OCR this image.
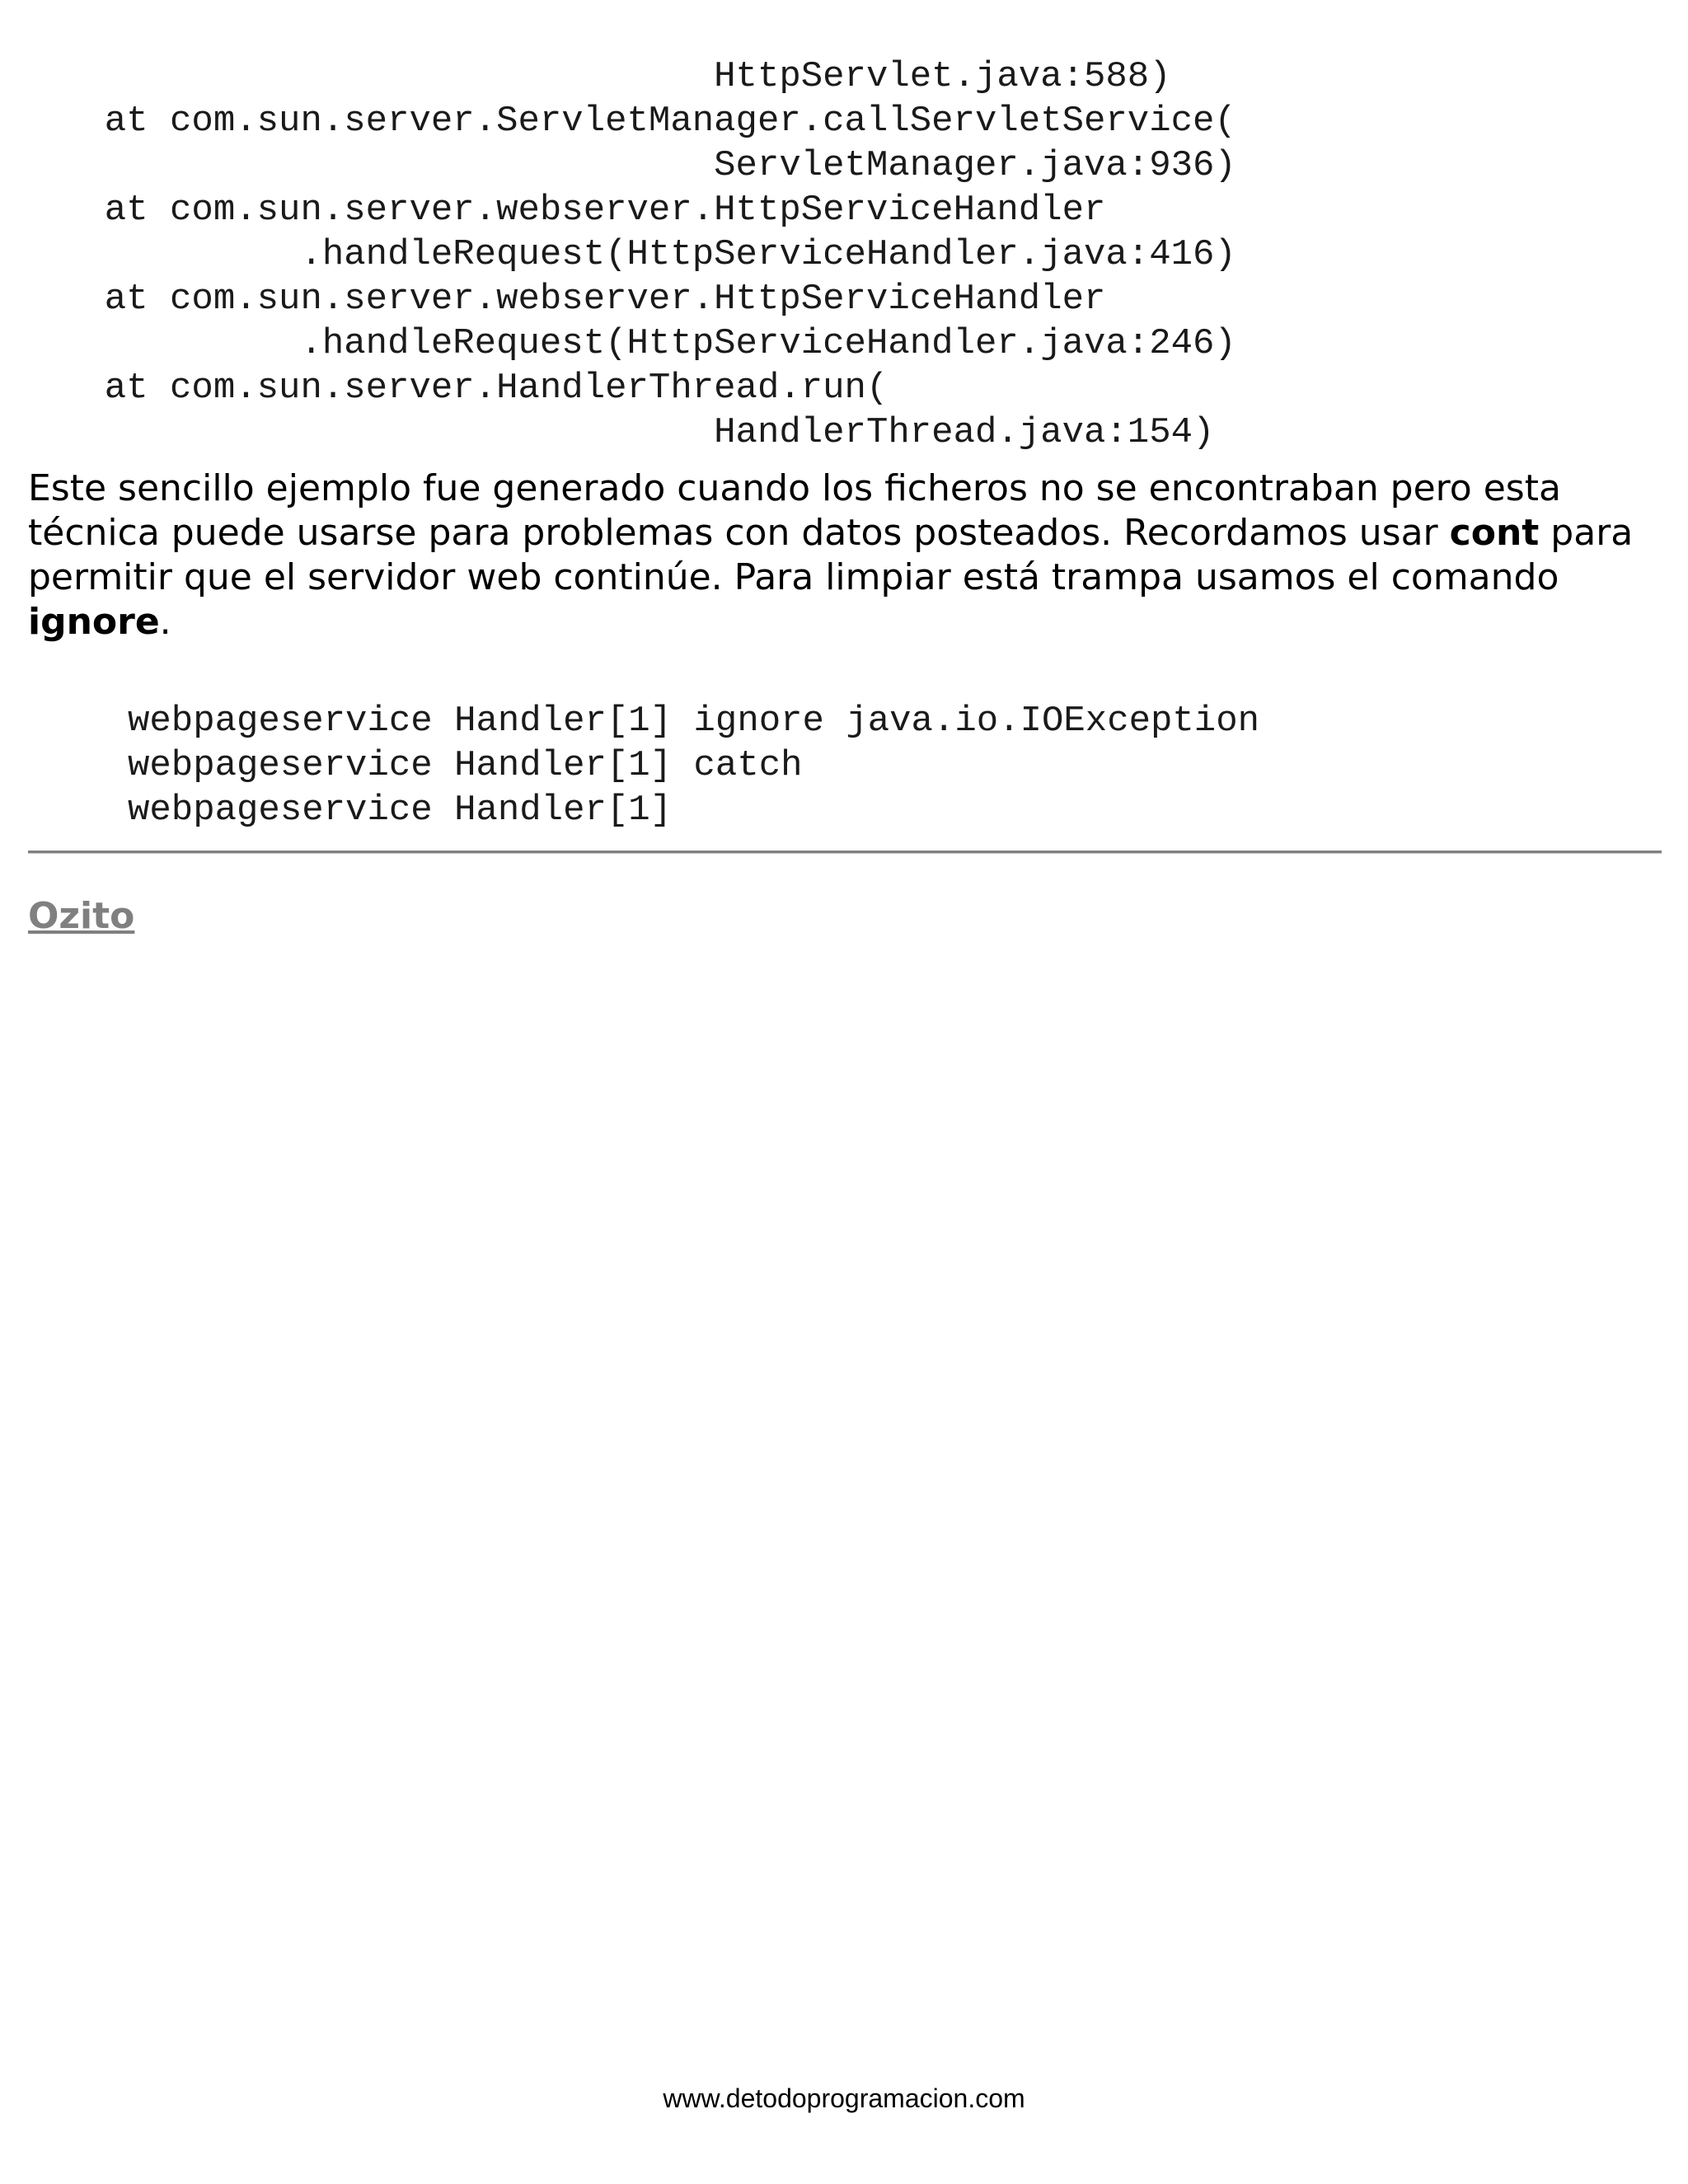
HttpServlet.java:588)
at com.sun.server.ServletManager.callServletService(
ServletManager.java:936)
at com.sun.server.webserver.HttpServiceHandler
.handleRequest(HttpServiceHandler.java:416)
at com.sun.server.webserver.HttpServiceHandler
.handleRequest(HttpServiceHandler.java:246)
at com.sun.server.HandlerThread.run(
HandlerThread.java:154)

Este sencillo ejemplo fue generado cuando los ficheros no se encontraban pero esta técnica puede usarse para problemas con datos posteados. Recordamos usar cont para permitir que el servidor web continúe. Para limpiar está trampa usamos el comando ignore.

webpageservice Handler[1] ignore java.io.IOException
webpageservice Handler[1] catch
webpageservice Handler[1]
Ozito
www.detodoprogramacion.com
